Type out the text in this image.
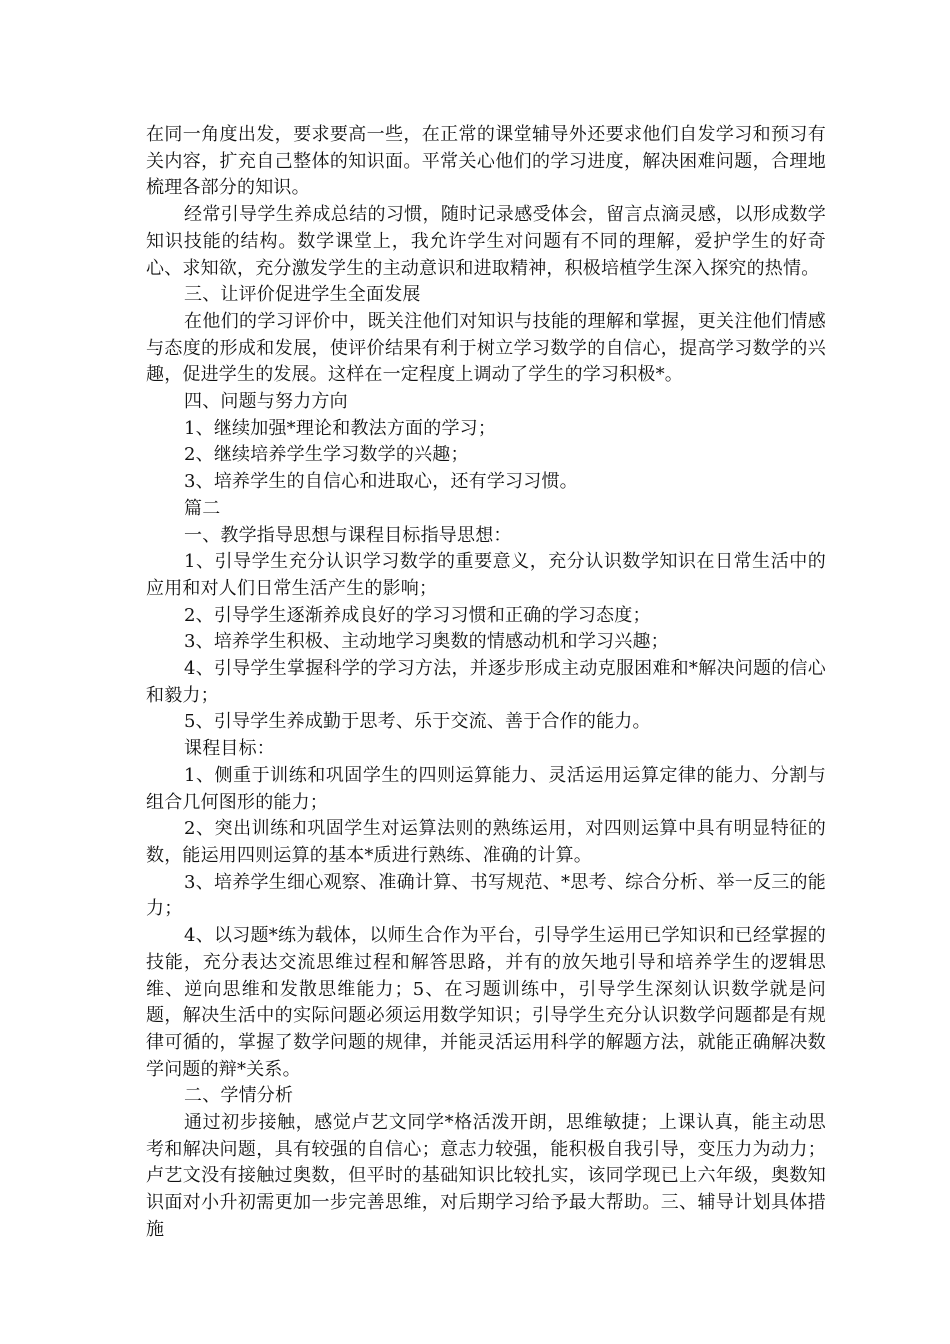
在同一角度出发，要求要高一些，在正常的课堂辅导外还要求他们自发学习和预习有关内容，扩充自己整体的知识面。平常关心他们的学习进度，解决困难问题，合理地梳理各部分的知识。

经常引导学生养成总结的习惯，随时记录感受体会，留言点滴灵感，以形成数学知识技能的结构。数学课堂上，我允许学生对问题有不同的理解，爱护学生的好奇心、求知欲，充分激发学生的主动意识和进取精神，积极培植学生深入探究的热情。

三、让评价促进学生全面发展

在他们的学习评价中，既关注他们对知识与技能的理解和掌握，更关注他们情感与态度的形成和发展，使评价结果有利于树立学习数学的自信心，提高学习数学的兴趣，促进学生的发展。这样在一定程度上调动了学生的学习积极*。

四、问题与努力方向

1、继续加强*理论和教法方面的学习；

2、继续培养学生学习数学的兴趣；

3、培养学生的自信心和进取心，还有学习习惯。

篇二

一、教学指导思想与课程目标指导思想：

1、引导学生充分认识学习数学的重要意义，充分认识数学知识在日常生活中的应用和对人们日常生活产生的影响；

2、引导学生逐渐养成良好的学习习惯和正确的学习态度；

3、培养学生积极、主动地学习奥数的情感动机和学习兴趣；

4、引导学生掌握科学的学习方法，并逐步形成主动克服困难和*解决问题的信心和毅力；

5、引导学生养成勤于思考、乐于交流、善于合作的能力。

课程目标：

1、侧重于训练和巩固学生的四则运算能力、灵活运用运算定律的能力、分割与组合几何图形的能力；

2、突出训练和巩固学生对运算法则的熟练运用，对四则运算中具有明显特征的数，能运用四则运算的基本*质进行熟练、准确的计算。

3、培养学生细心观察、准确计算、书写规范、*思考、综合分析、举一反三的能力；

4、以习题*练为载体，以师生合作为平台，引导学生运用已学知识和已经掌握的技能，充分表达交流思维过程和解答思路，并有的放矢地引导和培养学生的逻辑思维、逆向思维和发散思维能力；5、在习题训练中，引导学生深刻认识数学就是问题，解决生活中的实际问题必须运用数学知识；引导学生充分认识数学问题都是有规律可循的，掌握了数学问题的规律，并能灵活运用科学的解题方法，就能正确解决数学问题的辩*关系。

二、学情分析

通过初步接触，感觉卢艺文同学*格活泼开朗，思维敏捷；上课认真，能主动思考和解决问题，具有较强的自信心；意志力较强，能积极自我引导，变压力为动力；卢艺文没有接触过奥数，但平时的基础知识比较扎实，该同学现已上六年级，奥数知识面对小升初需更加一步完善思维，对后期学习给予最大帮助。三、辅导计划具体措施
